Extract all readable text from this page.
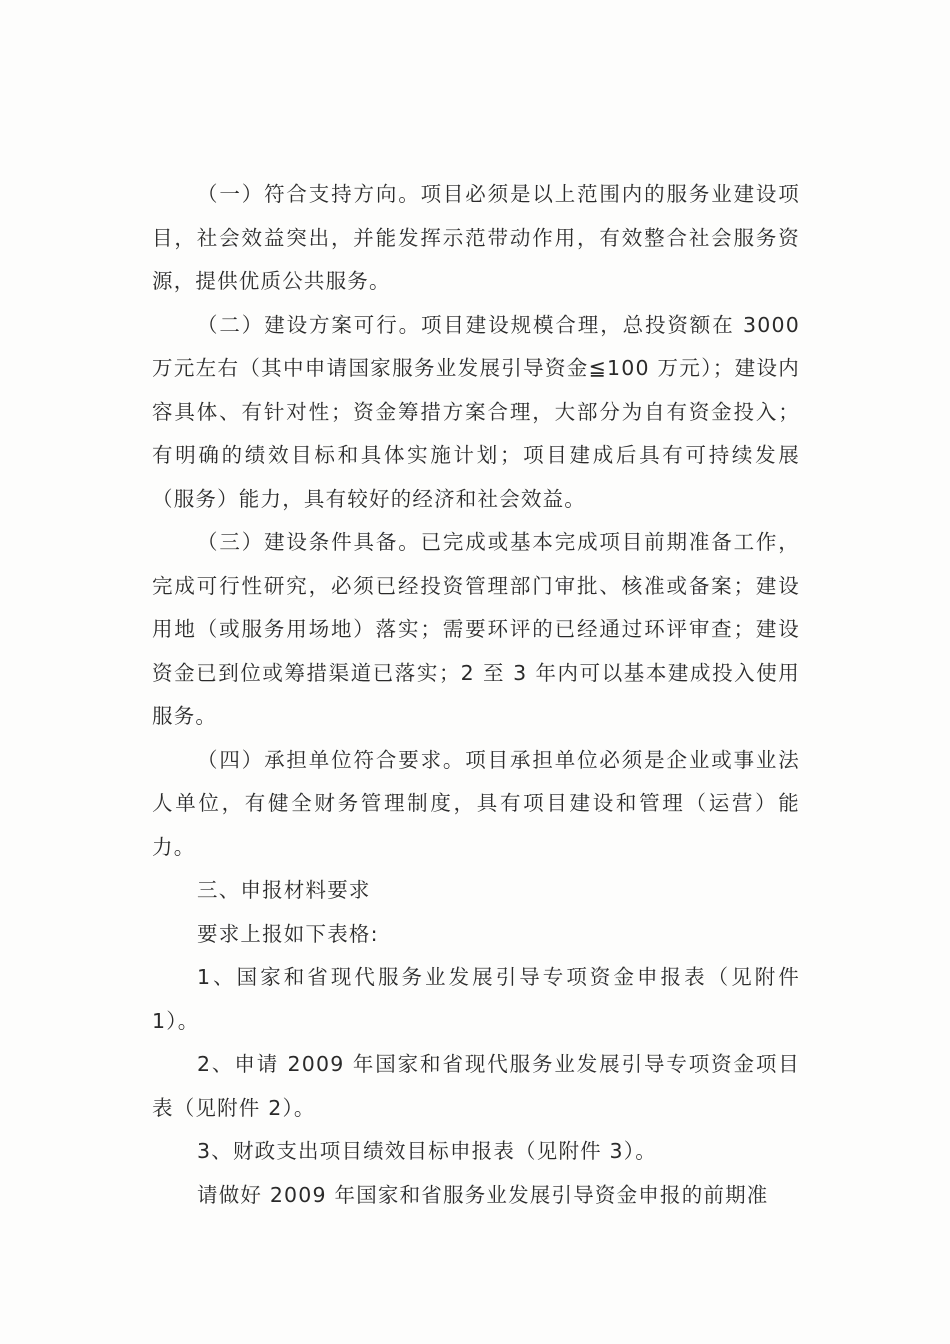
（一）符合支持方向。项目必须是以上范围内的服务业建设项目，社会效益突出，并能发挥示范带动作用，有效整合社会服务资源，提供优质公共服务。

（二）建设方案可行。项目建设规模合理，总投资额在 3000 万元左右（其中申请国家服务业发展引导资金≦100 万元）；建设内容具体、有针对性；资金筹措方案合理，大部分为自有资金投入；有明确的绩效目标和具体实施计划；项目建成后具有可持续发展（服务）能力，具有较好的经济和社会效益。

（三）建设条件具备。已完成或基本完成项目前期准备工作，完成可行性研究，必须已经投资管理部门审批、核准或备案；建设用地（或服务用场地）落实；需要环评的已经通过环评审查；建设资金已到位或筹措渠道已落实；2 至 3 年内可以基本建成投入使用服务。

（四）承担单位符合要求。项目承担单位必须是企业或事业法人单位，有健全财务管理制度，具有项目建设和管理（运营）能力。

三、申报材料要求

要求上报如下表格:

1、国家和省现代服务业发展引导专项资金申报表（见附件 1）。

2、申请 2009 年国家和省现代服务业发展引导专项资金项目表（见附件 2）。

3、财政支出项目绩效目标申报表（见附件 3）。

请做好 2009 年国家和省服务业发展引导资金申报的前期准
